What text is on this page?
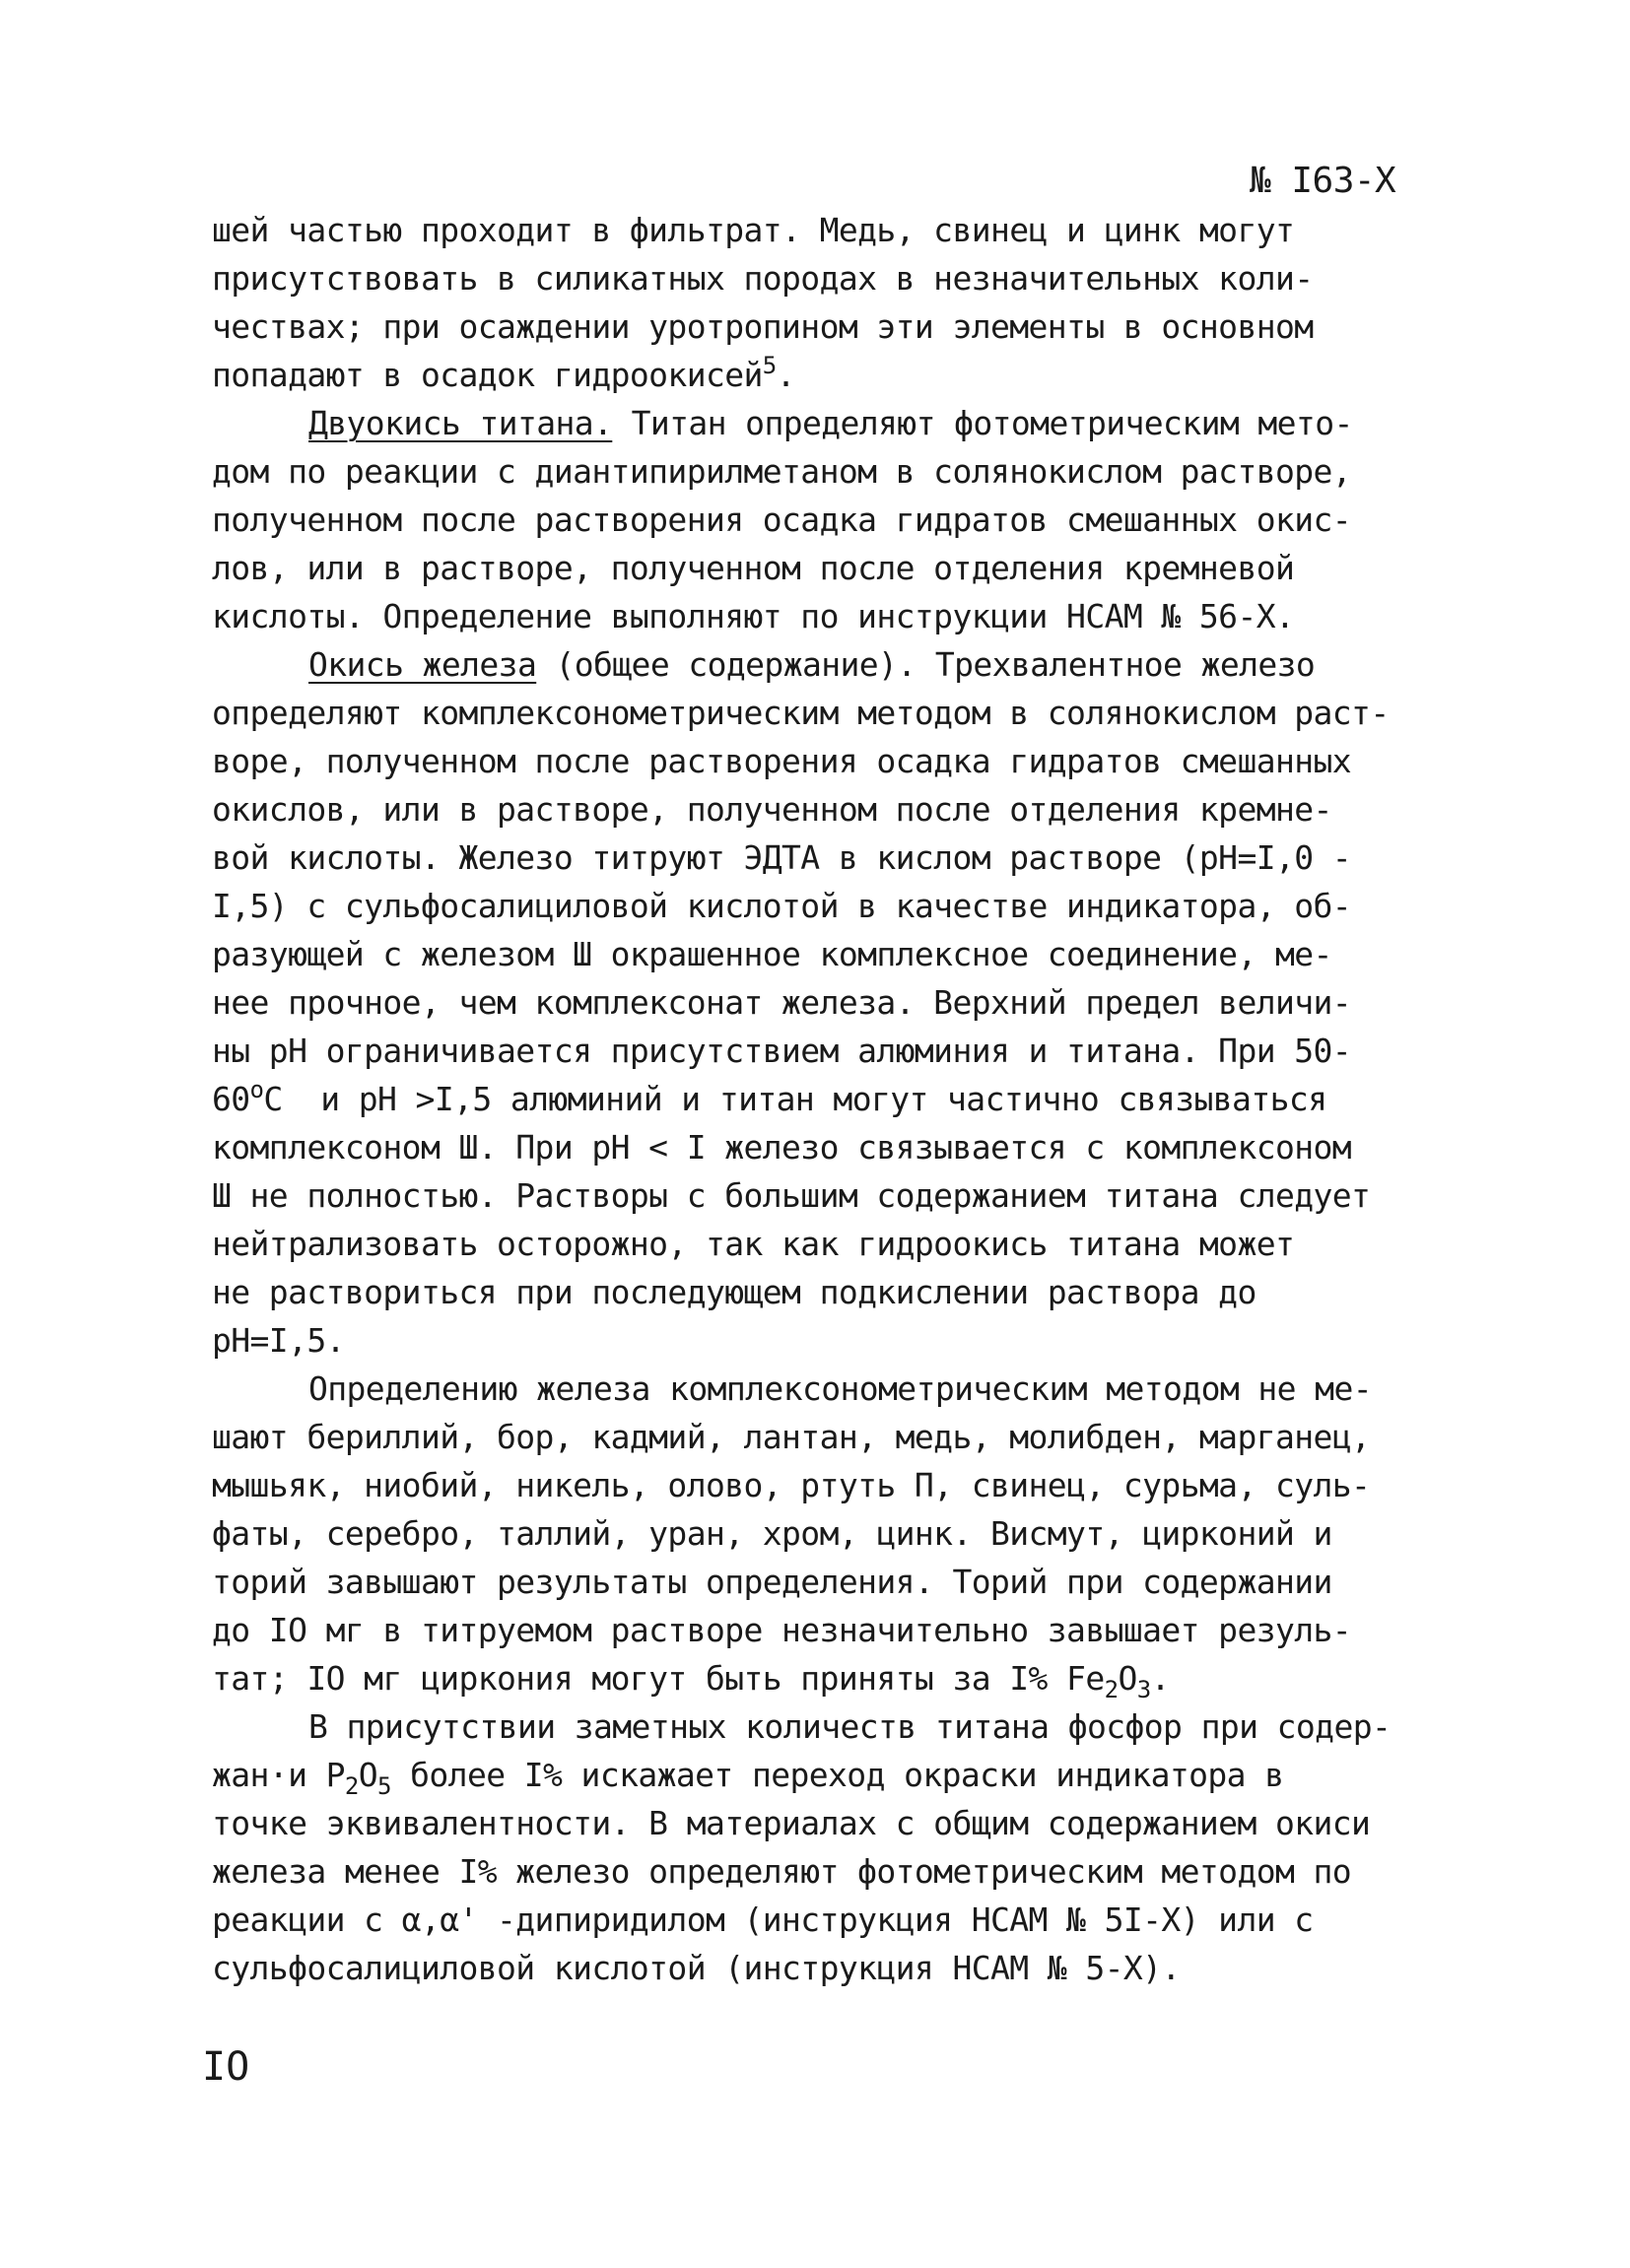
№ I63-Х
шей частью проходит в фильтрат. Медь, свинец и цинк могут
присутствовать в силикатных породах в незначительных коли-
чествах; при осаждении уротропином эти элементы в основном
попадают в осадок гидроокисей$^5$.
Двуокись титана. Титан определяют фотометрическим мето-
дом по реакции с диантипирилметаном в солянокислом растворе,
полученном после растворения осадка гидратов смешанных окис-
лов, или в растворе, полученном после отделения кремневой
кислоты. Определение выполняют по инструкции НСАМ № 56-Х.
Окись железа (общее содержание). Трехвалентное железо
определяют комплексонометрическим методом в солянокислом раст-
воре, полученном после растворения осадка гидратов смешанных
окислов, или в растворе, полученном после отделения кремне-
вой кислоты. Железо титруют ЭДТА в кислом растворе (pH=I,0 -
I,5) с сульфосалициловой кислотой в качестве индикатора, об-
разующей с железом Ш окрашенное комплексное соединение, ме-
нее прочное, чем комплексонат железа. Верхний предел величи-
ны pH ограничивается присутствием алюминия и титана. При 50-
60$^o$С  и pH >I,5 алюминий и титан могут частично связываться
комплексоном Ш. При pH < I железо связывается с комплексоном
Ш не полностью. Растворы с большим содержанием титана следует
нейтрализовать осторожно, так как гидроокись титана может
не раствориться при последующем подкислении раствора до
pH=I,5.
Определению железа комплексонометрическим методом не ме-
шают бериллий, бор, кадмий, лантан, медь, молибден, марганец,
мышьяк, ниобий, никель, олово, ртуть П, свинец, сурьма, суль-
фаты, серебро, таллий, уран, хром, цинк. Висмут, цирконий и
торий завышают результаты определения. Торий при содержании
до IO мг в титруемом растворе незначительно завышает резуль-
тат; IO мг циркония могут быть приняты за I% $Fe_2O_3$.
В присутствии заметных количеств титана фосфор при содер-
жан·и $P_2O_5$ более I% искажает переход окраски индикатора в
точке эквивалентности. В материалах с общим содержанием окиси
железа менее I% железо определяют фотометрическим методом по
реакции с α,α' -дипиридилом (инструкция НСАМ № 5I-Х) или с
сульфосалициловой кислотой (инструкция НСАМ № 5-Х).
IO
